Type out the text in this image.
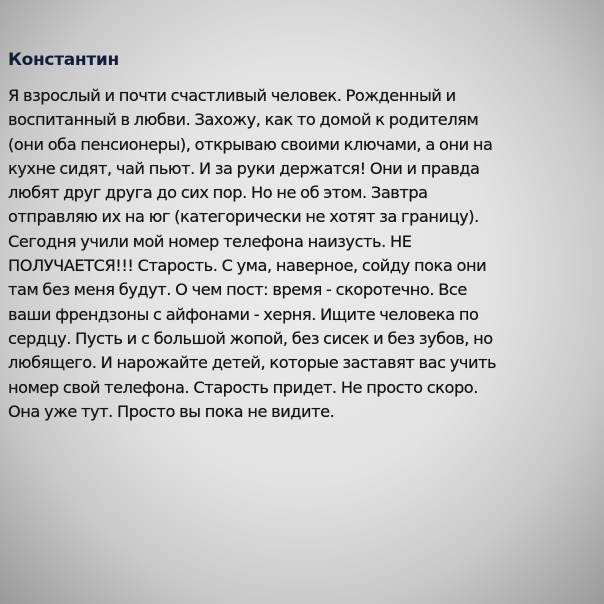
Константин
Я взрослый и почти счастливый человек. Рожденный и
воспитанный в любви. Захожу, как то домой к родителям
(они оба пенсионеры), открываю своими ключами, а они на
кухне сидят, чай пьют. И за руки держатся! Они и правда
любят друг друга до сих пор. Но не об этом. Завтра
отправляю их на юг (категорически не хотят за границу).
Сегодня учили мой номер телефона наизусть. НЕ
ПОЛУЧАЕТСЯ!!! Старость. С ума, наверное, сойду пока они
там без меня будут. О чем пост: время - скоротечно. Все
ваши френдзоны с айфонами - херня. Ищите человека по
сердцу. Пусть и с большой жопой, без сисек и без зубов, но
любящего. И нарожайте детей, которые заставят вас учить
номер свой телефона. Старость придет. Не просто скоро.
Она уже тут. Просто вы пока не видите.
